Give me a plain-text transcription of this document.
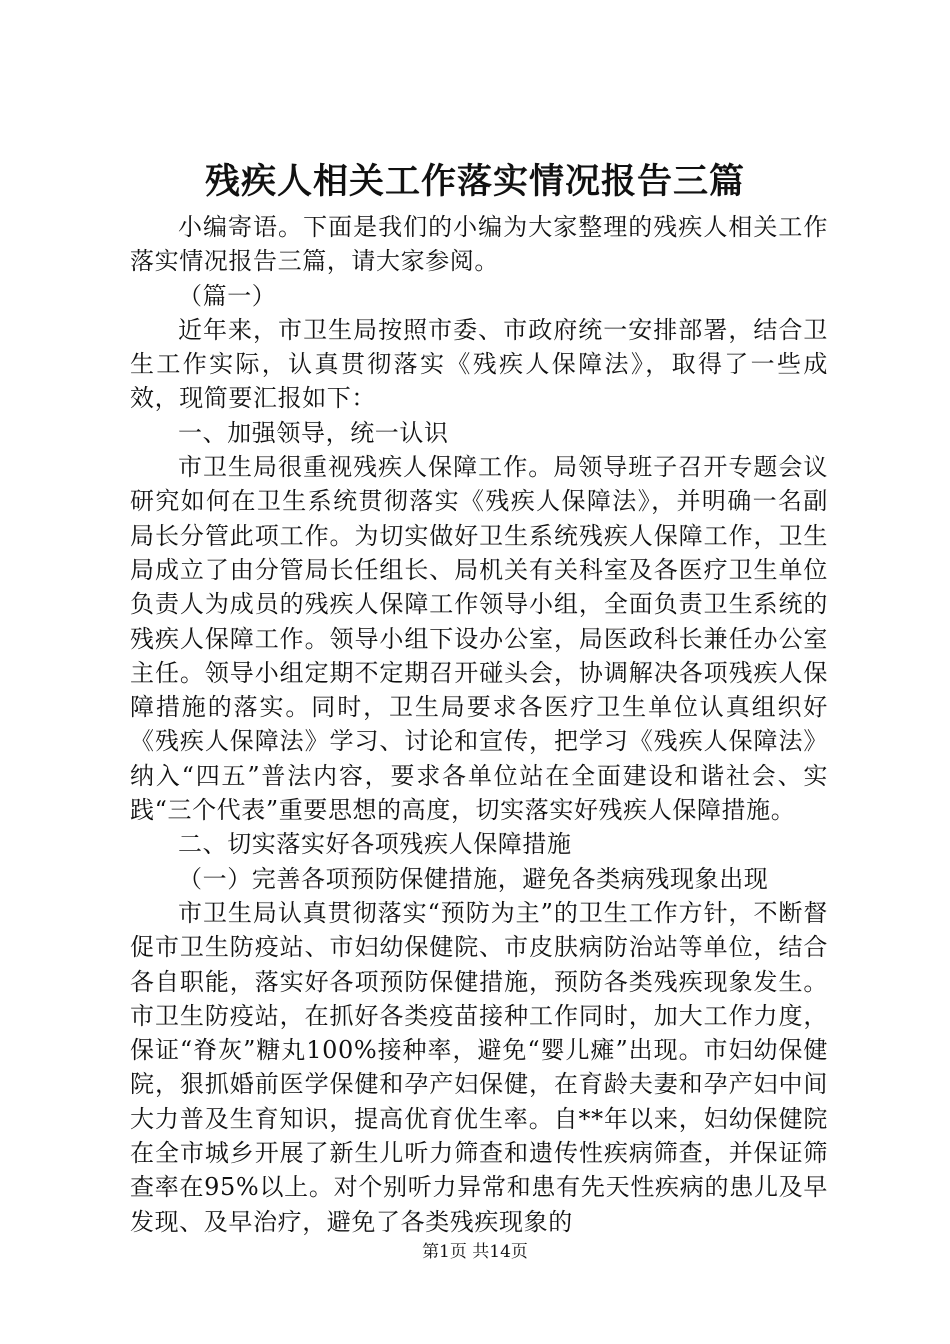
残疾人相关工作落实情况报告三篇

小编寄语。下面是我们的小编为大家整理的残疾人相关工作落实情况报告三篇，请大家参阅。

（篇一）

近年来，市卫生局按照市委、市政府统一安排部署，结合卫生工作实际，认真贯彻落实《残疾人保障法》，取得了一些成效，现简要汇报如下：

一、加强领导，统一认识

市卫生局很重视残疾人保障工作。局领导班子召开专题会议研究如何在卫生系统贯彻落实《残疾人保障法》，并明确一名副局长分管此项工作。为切实做好卫生系统残疾人保障工作，卫生局成立了由分管局长任组长、局机关有关科室及各医疗卫生单位负责人为成员的残疾人保障工作领导小组，全面负责卫生系统的残疾人保障工作。领导小组下设办公室，局医政科长兼任办公室主任。领导小组定期不定期召开碰头会，协调解决各项残疾人保障措施的落实。同时，卫生局要求各医疗卫生单位认真组织好《残疾人保障法》学习、讨论和宣传，把学习《残疾人保障法》纳入“四五”普法内容，要求各单位站在全面建设和谐社会、实践“三个代表”重要思想的高度，切实落实好残疾人保障措施。

二、切实落实好各项残疾人保障措施

（一）完善各项预防保健措施，避免各类病残现象出现

市卫生局认真贯彻落实“预防为主”的卫生工作方针，不断督促市卫生防疫站、市妇幼保健院、市皮肤病防治站等单位，结合各自职能，落实好各项预防保健措施，预防各类残疾现象发生。市卫生防疫站，在抓好各类疫苗接种工作同时，加大工作力度，保证“脊灰”糖丸100%接种率，避免“婴儿瘫”出现。市妇幼保健院，狠抓婚前医学保健和孕产妇保健，在育龄夫妻和孕产妇中间大力普及生育知识，提高优育优生率。自**年以来，妇幼保健院在全市城乡开展了新生儿听力筛查和遗传性疾病筛查，并保证筛查率在95%以上。对个别听力异常和患有先天性疾病的患儿及早发现、及早治疗，避免了各类残疾现象的

第1页 共14页
